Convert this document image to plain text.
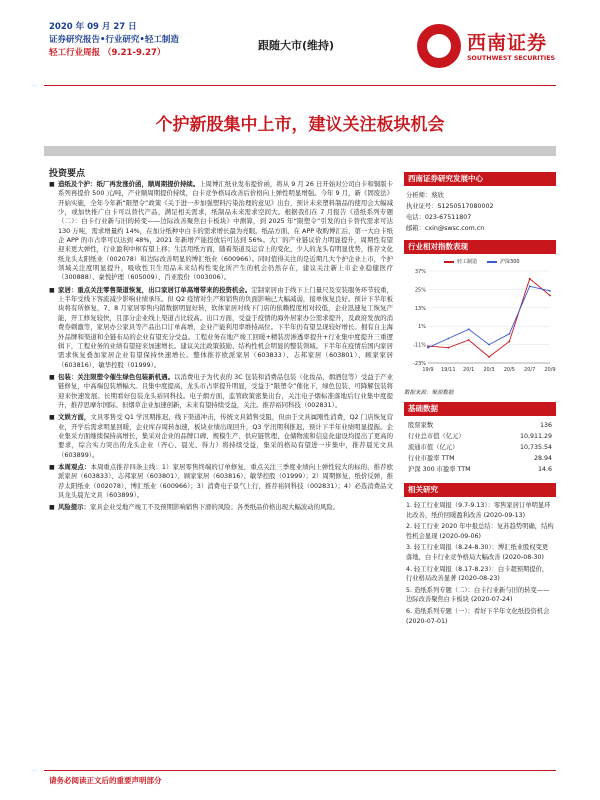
2020 年 09 月 27 日
证券研究报告•行业研究•轻工制造
轻工行业周报 （9.21-9.27）
跟随大市(维持)	西南证券
SOUTHWEST SECURITIES
个护新股集中上市，建议关注板块机会
投资要点

■ 造纸及个护：纸厂再发涨价函，顺周期提价持续。上周博汇纸业发布提价函，将从 9 月 26 日开始对公司白卡和铜版卡系列再提价 500 元/吨，产业顺周期提价持续，白卡竞争格局改善后价格向上弹性明显增强。今年 9 月，新《固废法》开始实施，全年今年新“限塑令”政策《关于进一步加强塑料污染治理的意见》出台，预计未来塑料制品的使用会大幅减少，或加快推广白卡可以替代产品，满足相关需求，纸制品未来需求空间大。根据我们在 7 月报告《造纸系列专题（二）：白卡行业新与旧的转变——边际改善聚焦白卡板块》中测算，到 2025 年“限塑令”引发的白卡替代需求可达 130 万吨，需求增量约 14%，在加分纸种中白卡的需求增长最为亮眼。纸品方面，在 APP 收购博汇后，第一大白卡纸企 APP 的市占率可以达到 48%，2021 年新增产能投放后可达到 56%。大厂的产业链议价力明显提升，周期性有望迎来更大弹性，行业盈利中枢有望上移；生活用纸方面，随着渠道及运营上的变化，少人的龙头有明显优势，推荐文化纸龙头太阳纸业（002078）和边际改善明显的博汇纸业（600966）。同时值得关注的是近期几大个护企业上市，个护领域关注度明显提升，吸收性卫生用品未来结构性变化所产生的机会仍然存在，建议关注新上市企业稳健医疗（300888）、豪悦护理（605009）、百亚股份（003006）。

■ 家居：重点关注零售渠道恢复，出口家居订单高增带来的投资机会。定制家居由于线下上门量尺及安装服务环节较重，上半年受线下客流减少影响业绩承压。但 Q2 疫情对生产和销售的负面影响已大幅减弱，接单恢复良好。预计下半年板块将有所修复，7、8 月家居零售内销数据明显好转，软体家居对线下门店的依赖程度相对较低，企业迅速复工恢复产能，开工修复较快，且部分企业线上渠道占比较高。出口方面，受益于疫情的海外居家办公需求提升，及政府发放的消费券刺激等，家居办公家具等产品出口订单高增，企业产能利用率维持高位。下半年仍有望呈现较好增长。拥有自主海外品牌和渠道和全链布局的企业有望充分受益。工程业务在地产竣工回暖+精装房渗透率提升+行业集中度提升三重逻辑下，工程业务的业绩有望迎来加速增长。建议关注政策鼓励、结构性机会明显的整装领域。下半年在疫情后国内家居需求恢复叠加家居企业有望保持快速增长。整体推荐欧派家居（603833）、志邦家居（603801）、顾家家居（603816）、敏华控股（01999）。

■ 包装：关注限塑令催生绿色包装新机遇。以消费电子为代表的 3C 包装和消费品包装（化妆品、烟酒包等）受益于产业链修复，中高端包装增幅大。且集中度提高，龙头市占率提升明显，受益于“限塑令”催化下，绿色包装、可降解包装将迎来快速发展。长期看好包装龙头裕同科技。电子烟方面，监管政策密集出台，关注电子烟标准落地后行业集中度提升，推荐思摩尔国际。但烟草企业加速创新，未来有望持续受益，关注。推荐裕同科技（002831）。

■ 文娱方面，文具零售受 Q1 学汛期推迟，线下渠道冲击，传统文具销售受阻，但由于文具属刚性消费，Q2 门店恢复营业，开学后需求明显回暖，企业库存周转加速，板块业绩出现回升，Q3 学汛期利推迟，预计下半年业绩明显提振。企业集采方面继续保持高增长，集采对企业的品牌口碑、规模生产、供应链管理、仓储物流和信息化建设均提出了更高的要求，综合实力突出的龙头企业（齐心、晨光、得力）将持续受益，集采的格局有望进一步集中，推荐晨光文具（603899）。

■ 本周观点：本周重点推荐四条主线：1）家居零售终端的订单修复，重点关注三季度业绩向上弹性较大的标的，推荐欧派家居（603833）、志邦家居（603801）、顾家家居（603816）、敏华控股（01999）；2）周期修复，纸价反弹，推荐太阳纸业（002078）、博汇纸业（600966）；3）消费电子景气上行，推荐裕同科技（002831）；4）必选消费品文具龙头晨光文具（603899）。

■ 风险提示：家具企业受地产竣工不及预期影响销售下滑的风险；各类纸品价格出现大幅波动的风险。

西南证券研究发展中心
分析师：蔡欣
执业证号：S1250517080002
电话：023-67511807
邮箱：cxin@swsc.com.cn
行业相对指数表现
轻工制造	沪深300
-23%
-11%
1%
13%
25%
37%
19/9 19/11 20/1 20/3 20/5 20/7 20/9
数据来源：聚源数据
基础数据
股票家数	136
行业总市值（亿元）	10,911.29
流通市值（亿元）	10,735.54
行业市盈率 TTM	28.94
沪深 300 市盈率 TTM	14.6
相关研究
1. 轻工行业周报（9.7-9.13）：零售家居订单明显环比改善，纸价回暖盈利改善 (2020-09-13)
2. 轻工行业 2020 年中报总结：复苏趋势明确，结构性机会显现 (2020-09-06)
3. 轻工行业周报（8.24-8.30）：博汇纸业股权变更落地，白卡行业竞争格局大幅改善 (2020-08-30)
4. 轻工行业周报（8.17-8.23）：白卡超预期提价，行业格局改善显著 (2020-08-23)
5. 造纸系列专题（二）：白卡行业新与旧的转变——边际改善聚焦白卡板块 (2020-07-24)
6. 造纸系列专题（一）：看好下半年文化纸投资机会 (2020-07-01)
请务必阅读正文后的重要声明部分
